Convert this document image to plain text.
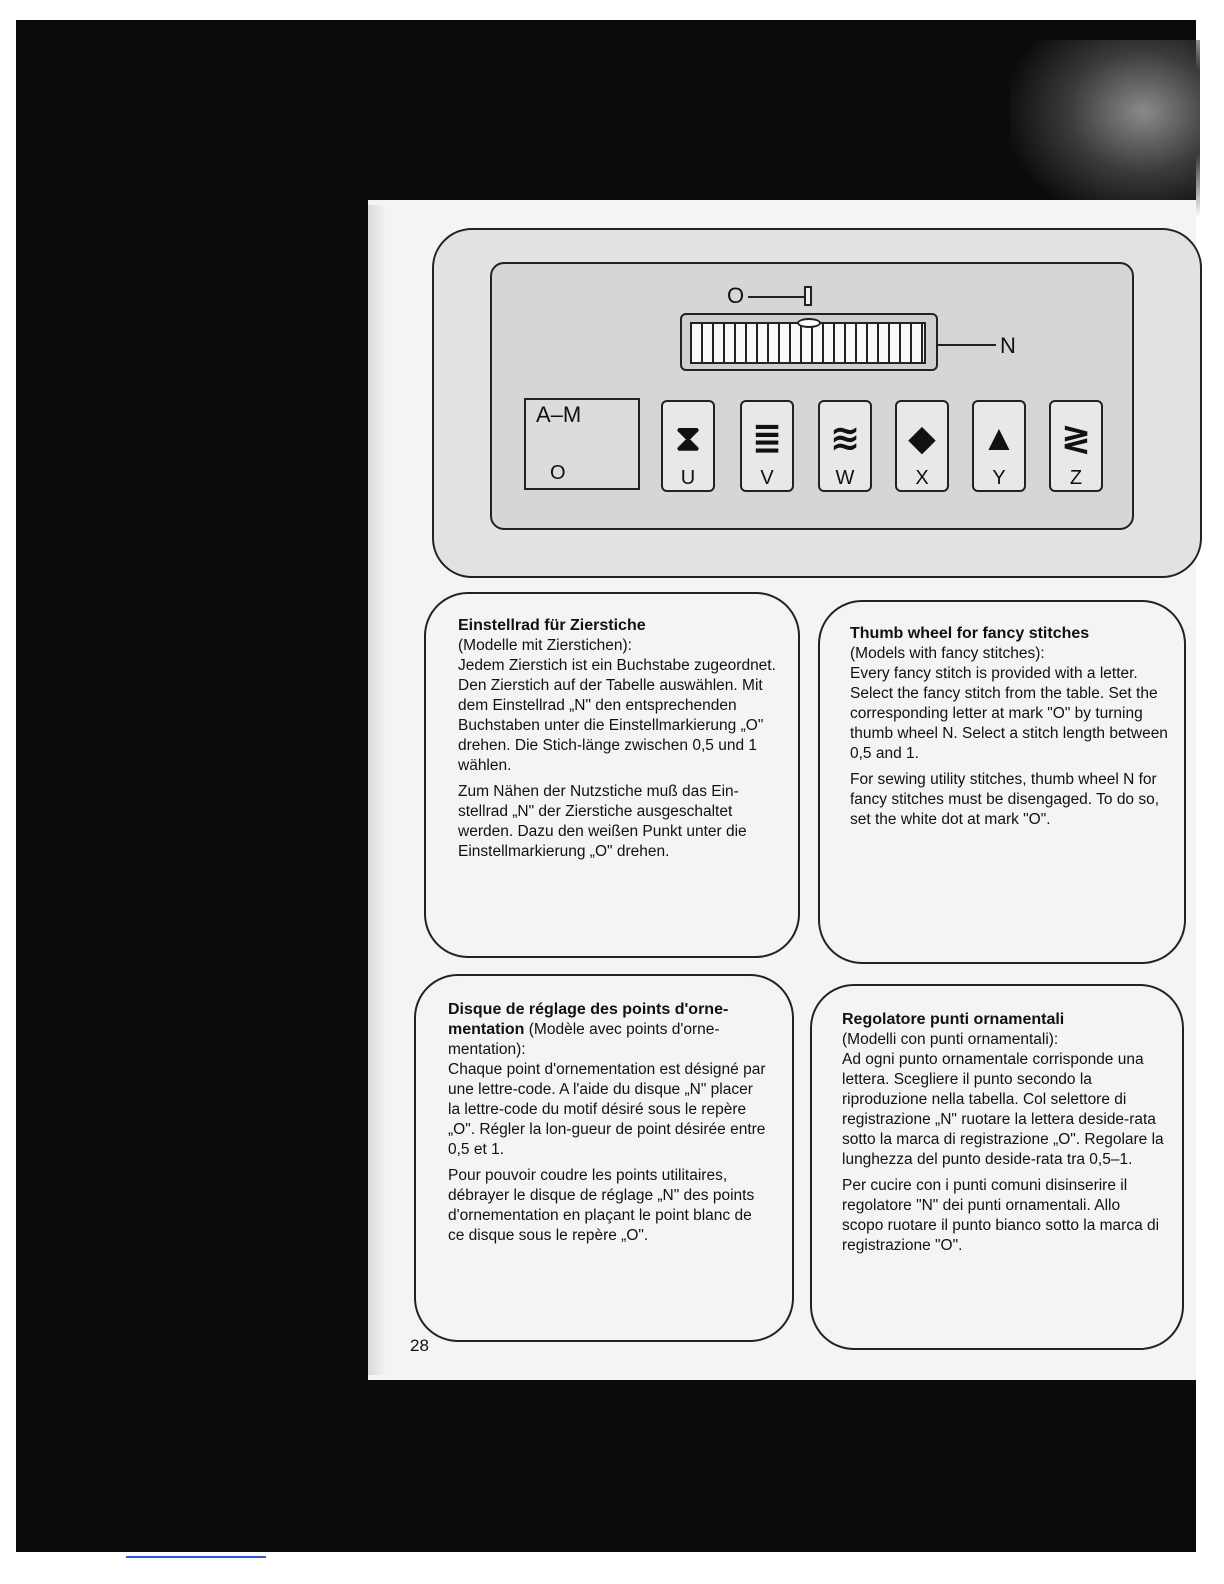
O
N
A–M
O
⧗
U
≣
V
≋
W
◆
X
▲
Y
≷
Z
Einstellrad für Zierstiche
(Modelle mit Zierstichen):

Jedem Zierstich ist ein Buchstabe zugeordnet. Den Zierstich auf der Tabelle auswählen. Mit dem Einstellrad „N" den entsprechenden Buchstaben unter die Einstellmarkierung „O" drehen. Die Stich-länge zwischen 0,5 und 1 wählen.

Zum Nähen der Nutzstiche muß das Ein-stellrad „N" der Zierstiche ausgeschaltet werden. Dazu den weißen Punkt unter die Einstellmarkierung „O" drehen.

Thumb wheel for fancy stitches
(Models with fancy stitches):

Every fancy stitch is provided with a letter. Select the fancy stitch from the table. Set the corresponding letter at mark "O" by turning thumb wheel N. Select a stitch length between 0,5 and 1.

For sewing utility stitches, thumb wheel N for fancy stitches must be disengaged. To do so, set the white dot at mark "O".

Disque de réglage des points d'orne-mentation (Modèle avec points d'orne-mentation):

Chaque point d'ornementation est désigné par une lettre-code. A l'aide du disque „N" placer la lettre-code du motif désiré sous le repère „O". Régler la lon-gueur de point désirée entre 0,5 et 1.

Pour pouvoir coudre les points utilitaires, débrayer le disque de réglage „N" des points d'ornementation en plaçant le point blanc de ce disque sous le repère „O".

Regolatore punti ornamentali
(Modelli con punti ornamentali):

Ad ogni punto ornamentale corrisponde una lettera. Scegliere il punto secondo la riproduzione nella tabella. Col selettore di registrazione „N" ruotare la lettera deside-rata sotto la marca di registrazione „O". Regolare la lunghezza del punto deside-rata tra 0,5–1.

Per cucire con i punti comuni disinserire il regolatore "N" dei punti ornamentali. Allo scopo ruotare il punto bianco sotto la marca di registrazione "O".

28
